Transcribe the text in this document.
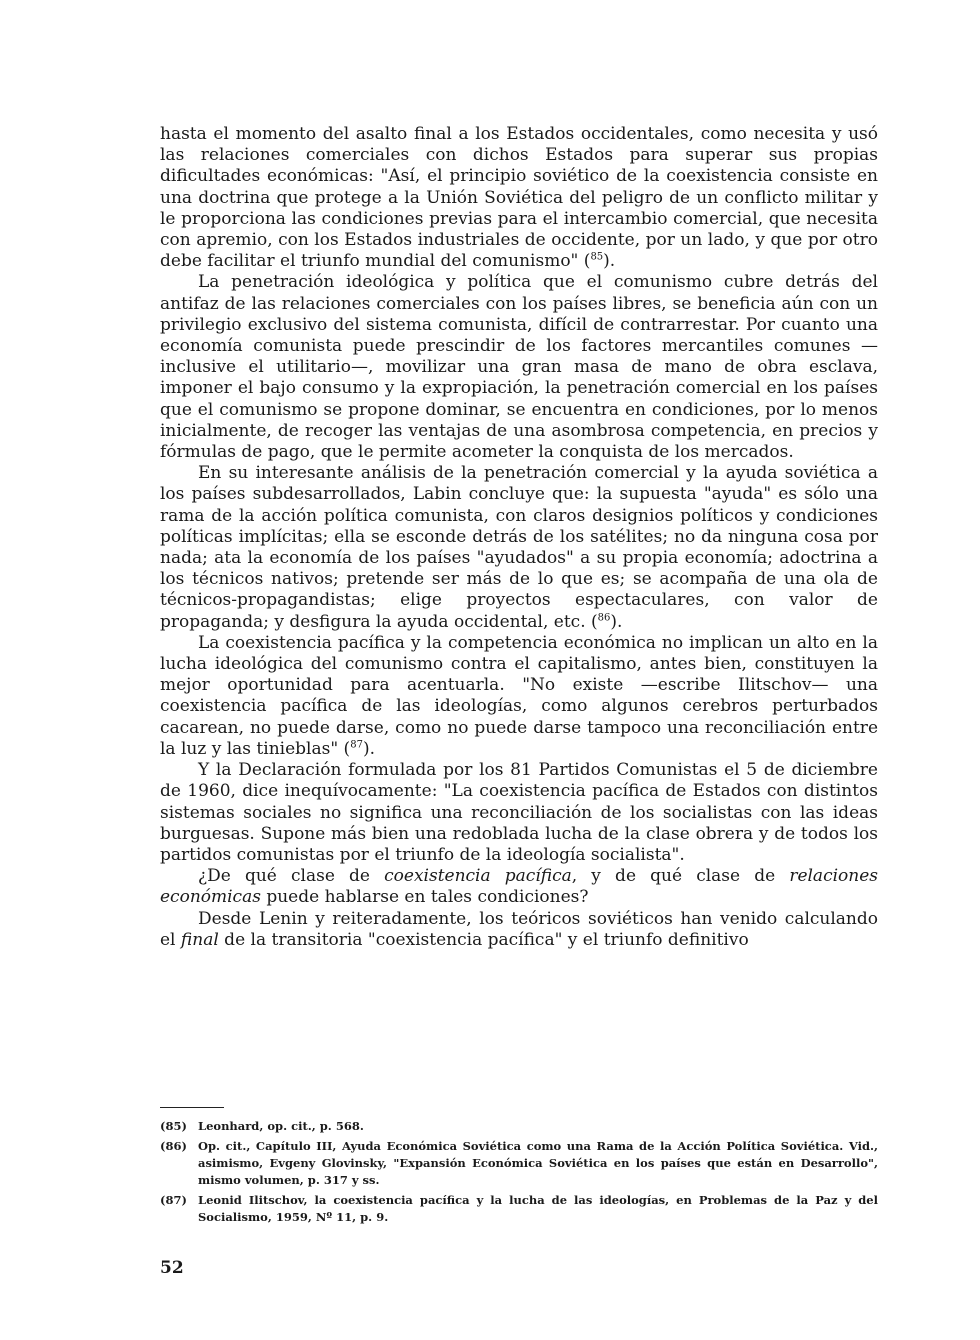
hasta el momento del asalto final a los Estados occidentales, como necesita y usó las relaciones comerciales con dichos Estados para superar sus propias dificultades económicas: "Así, el principio soviético de la coexistencia consiste en una doctrina que protege a la Unión Soviética del peligro de un conflicto militar y le proporciona las condiciones previas para el intercambio comercial, que necesita con apremio, con los Estados industriales de occidente, por un lado, y que por otro debe facilitar el triunfo mundial del comunismo" ($^{85}$).

La penetración ideológica y política que el comunismo cubre detrás del antifaz de las relaciones comerciales con los países libres, se beneficia aún con un privilegio exclusivo del sistema comunista, difícil de contrarrestar. Por cuanto una economía comunista puede prescindir de los factores mercantiles comunes —inclusive el utilitario—, movilizar una gran masa de mano de obra esclava, imponer el bajo consumo y la expropiación, la penetración comercial en los países que el comunismo se propone dominar, se encuentra en condiciones, por lo menos inicialmente, de recoger las ventajas de una asombrosa competencia, en precios y fórmulas de pago, que le permite acometer la conquista de los mercados.

En su interesante análisis de la penetración comercial y la ayuda soviética a los países subdesarrollados, Labin concluye que: la supuesta "ayuda" es sólo una rama de la acción política comunista, con claros designios políticos y condiciones políticas implícitas; ella se esconde detrás de los satélites; no da ninguna cosa por nada; ata la economía de los países "ayudados" a su propia economía; adoctrina a los técnicos nativos; pretende ser más de lo que es; se acompaña de una ola de técnicos-propagandistas; elige proyectos espectaculares, con valor de propaganda; y desfigura la ayuda occidental, etc. ($^{86}$).

La coexistencia pacífica y la competencia económica no implican un alto en la lucha ideológica del comunismo contra el capitalismo, antes bien, constituyen la mejor oportunidad para acentuarla. "No existe —escribe Ilitschov— una coexistencia pacífica de las ideologías, como algunos cerebros perturbados cacarean, no puede darse, como no puede darse tampoco una reconciliación entre la luz y las tinieblas" ($^{87}$).

Y la Declaración formulada por los 81 Partidos Comunistas el 5 de diciembre de 1960, dice inequívocamente: "La coexistencia pacífica de Estados con distintos sistemas sociales no significa una reconciliación de los socialistas con las ideas burguesas. Supone más bien una redoblada lucha de la clase obrera y de todos los partidos comunistas por el triunfo de la ideología socialista".

¿De qué clase de coexistencia pacífica, y de qué clase de relaciones económicas puede hablarse en tales condiciones?

Desde Lenin y reiteradamente, los teóricos soviéticos han venido calculando el final de la transitoria "coexistencia pacífica" y el triunfo definitivo

(85) Leonhard, op. cit., p. 568.
(86) Op. cit., Capítulo III, Ayuda Económica Soviética como una Rama de la Acción Política Soviética. Vid., asimismo, Evgeny Glovinsky, "Expansión Económica Soviética en los países que están en Desarrollo", mismo volumen, p. 317 y ss.
(87) Leonid Ilitschov, la coexistencia pacífica y la lucha de las ideologías, en Problemas de la Paz y del Socialismo, 1959, Nº 11, p. 9.
52
